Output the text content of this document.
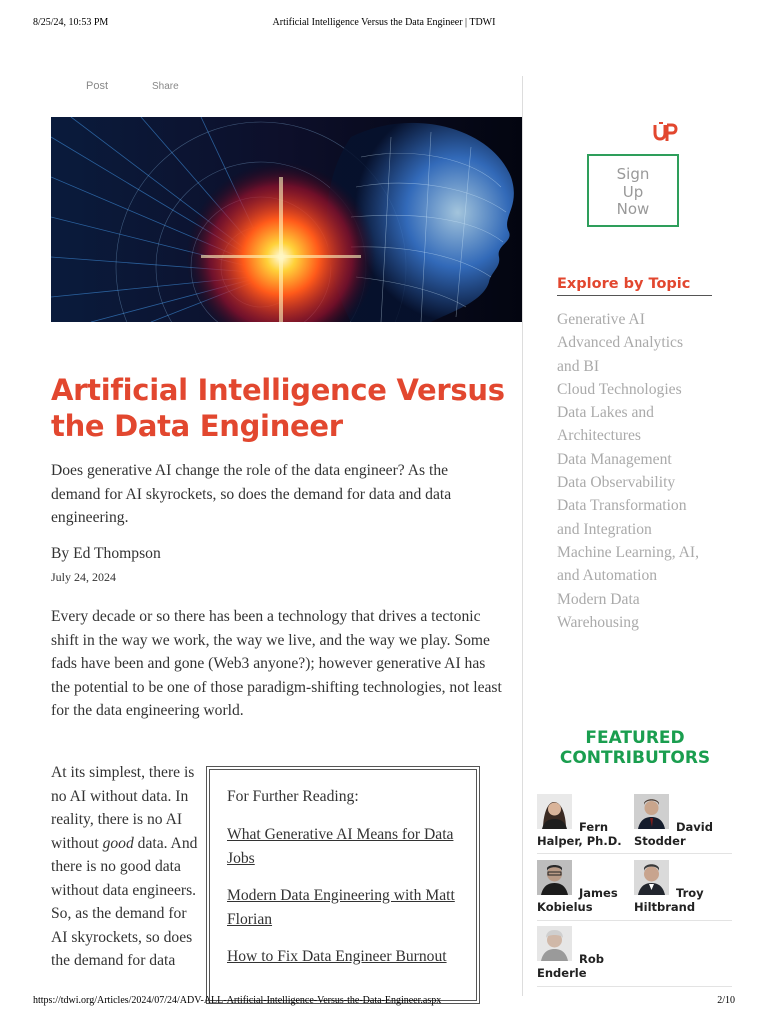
8/25/24, 10:53 PM	Artificial Intelligence Versus the Data Engineer | TDWI
Post	Share
Artificial Intelligence Versus the Data Engineer

Does generative AI change the role of the data engineer? As the demand for AI skyrockets, so does the demand for data and data engineering.

By Ed Thompson
July 24, 2024

Every decade or so there has been a technology that drives a tectonic shift in the way we work, the way we live, and the way we play. Some fads have been and gone (Web3 anyone?); however generative AI has the potential to be one of those paradigm-shifting technologies, not least for the data engineering world.

At its simplest, there is no AI without data. In reality, there is no AI without good data. And there is no good data without data engineers. So, as the demand for AI skyrockets, so does the demand for data

For Further Reading:
What Generative AI Means for Data Jobs
Modern Data Engineering with Matt Florian
How to Fix Data Engineer Burnout
Sign
Up
Now
Explore by Topic
Generative AI
Advanced Analytics
and BI
Cloud Technologies
Data Lakes and
Architectures
Data Management
Data Observability
Data Transformation
and Integration
Machine Learning, AI,
and Automation
Modern Data
Warehousing
FEATURED
CONTRIBUTORS
Fern
Halper, Ph.D.
David
Stodder
James
Kobielus
Troy
Hiltbrand
Rob
Enderle
https://tdwi.org/Articles/2024/07/24/ADV-ALL-Artificial-Intelligence-Versus-the-Data-Engineer.aspx	2/10
